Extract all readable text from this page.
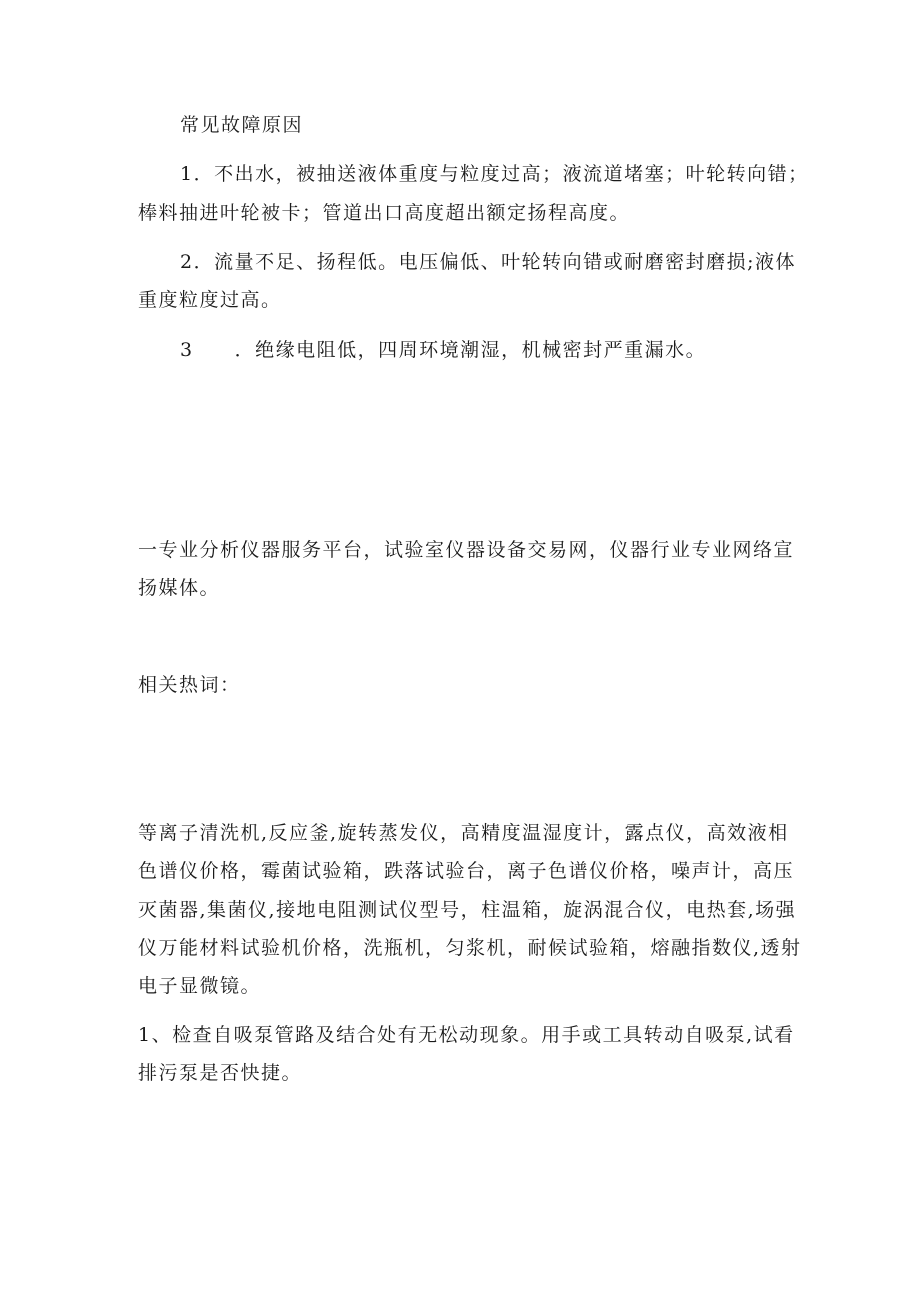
常见故障原因
1．不出水，被抽送液体重度与粒度过高；液流道堵塞；叶轮转向错；
棒料抽进叶轮被卡；管道出口高度超出额定扬程高度。
2．流量不足、扬程低。电压偏低、叶轮转向错或耐磨密封磨损;液体
重度粒度过高。
3　　．绝缘电阻低，四周环境潮湿，机械密封严重漏水。
一专业分析仪器服务平台，试验室仪器设备交易网，仪器行业专业网络宣
扬媒体。
相关热词：
等离子清洗机,反应釜,旋转蒸发仪，高精度温湿度计，露点仪，高效液相
色谱仪价格，霉菌试验箱，跌落试验台，离子色谱仪价格，噪声计，高压
灭菌器,集菌仪,接地电阻测试仪型号，柱温箱，旋涡混合仪，电热套,场强
仪万能材料试验机价格，洗瓶机，匀浆机，耐候试验箱，熔融指数仪,透射
电子显微镜。
1、检查自吸泵管路及结合处有无松动现象。用手或工具转动自吸泵,试看
排污泵是否快捷。
